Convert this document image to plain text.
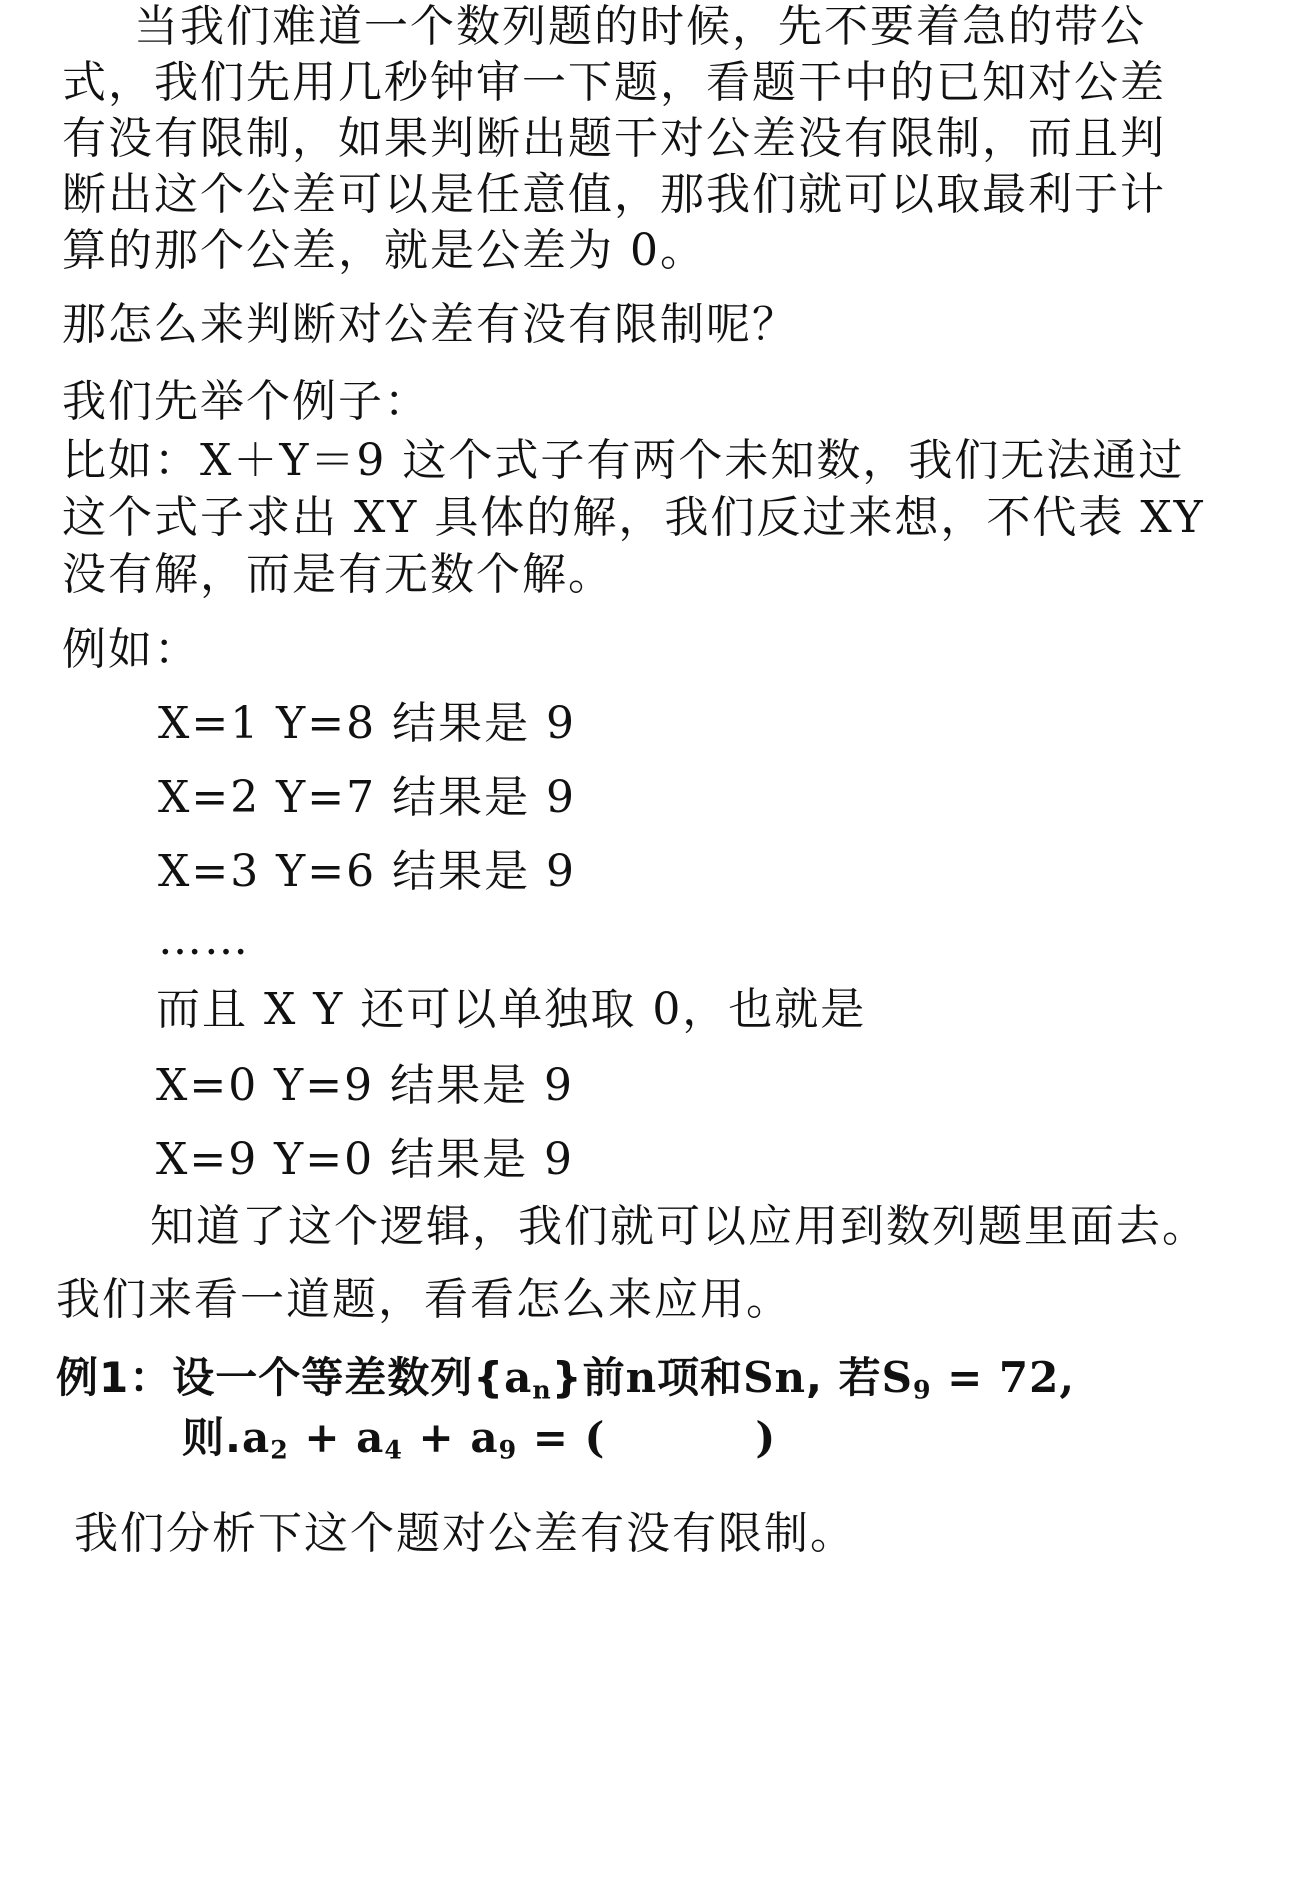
当我们难道一个数列题的时候，先不要着急的带公
式，我们先用几秒钟审一下题，看题干中的已知对公差
有没有限制，如果判断出题干对公差没有限制，而且判
断出这个公差可以是任意值，那我们就可以取最利于计
算的那个公差，就是公差为 0。
那怎么来判断对公差有没有限制呢？
我们先举个例子：
比如：X＋Y＝9 这个式子有两个未知数，我们无法通过
这个式子求出 XY 具体的解，我们反过来想，不代表 XY
没有解，而是有无数个解。
例如：
X=1 Y=8 结果是 9
X=2 Y=7 结果是 9
X=3 Y=6 结果是 9
……
而且 X Y 还可以单独取 0，也就是
X=0 Y=9 结果是 9
X=9 Y=0 结果是 9
知道了这个逻辑，我们就可以应用到数列题里面去。
我们来看一道题，看看怎么来应用。
例1：设一个等差数列$\{a_n\}$前n项和Sn, 若$S_9 = 72$,
则$.a_2 + a_4 + a_9$ = (	)
我们分析下这个题对公差有没有限制。
